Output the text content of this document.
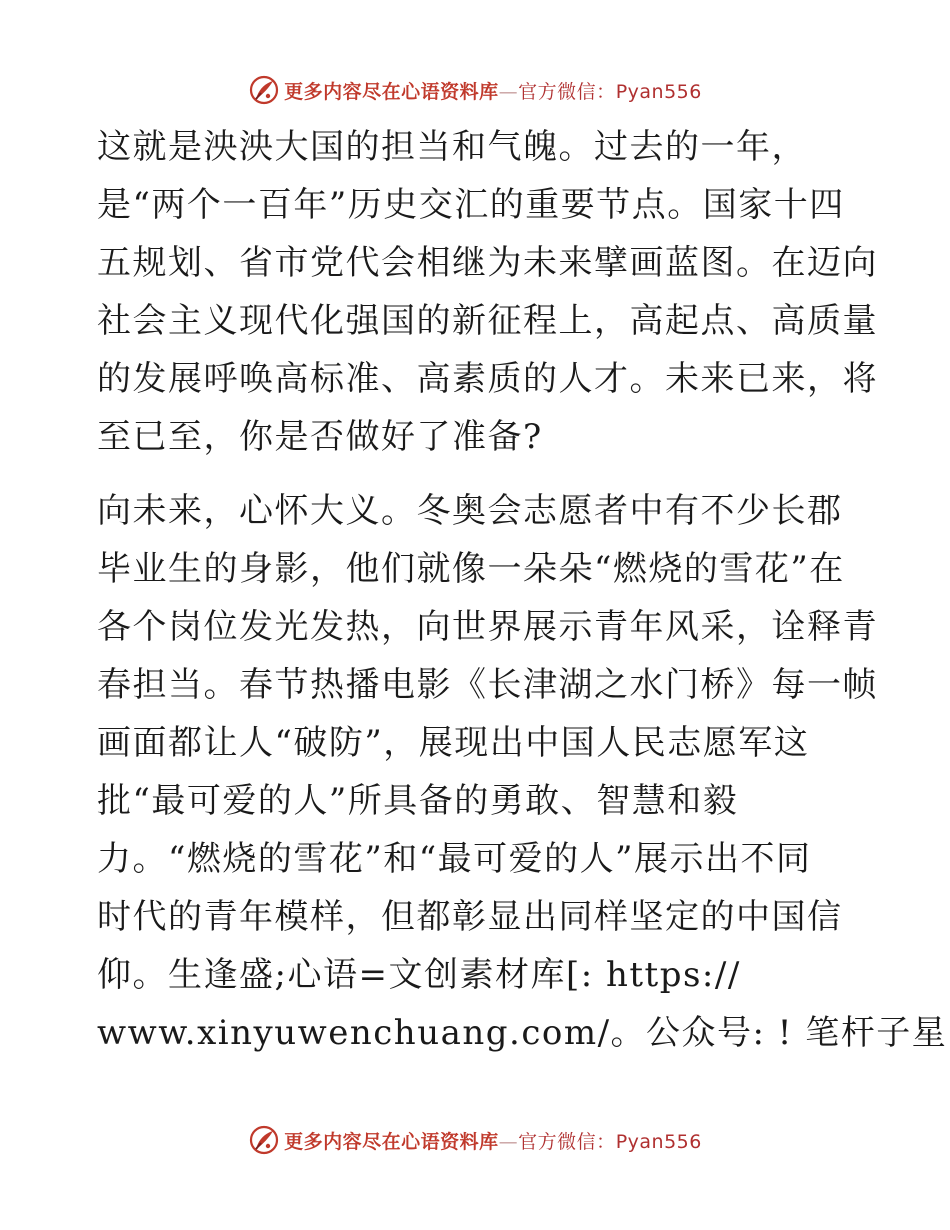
更多内容尽在心语资料库—官方微信：Pyan556
这就是泱泱大国的担当和气魄。过去的一年，
是“两个一百年”历史交汇的重要节点。国家十四
五规划、省市党代会相继为未来擘画蓝图。在迈向
社会主义现代化强国的新征程上，高起点、高质量
的发展呼唤高标准、高素质的人才。未来已来，将
至已至，你是否做好了准备?
向未来，心怀大义。冬奥会志愿者中有不少长郡
毕业生的身影，他们就像一朵朵“燃烧的雪花”在
各个岗位发光发热，向世界展示青年风采，诠释青
春担当。春节热播电影《长津湖之水门桥》每一帧
画面都让人“破防”，展现出中国人民志愿军这
批“最可爱的人”所具备的勇敢、智慧和毅
力。“燃烧的雪花”和“最可爱的人”展示出不同
时代的青年模样，但都彰显出同样坚定的中国信
仰。生逢盛;心语=文创素材库[: https://
www.xinyuwenchuang.com/。公众号: ! 笔杆子星
更多内容尽在心语资料库—官方微信：Pyan556
